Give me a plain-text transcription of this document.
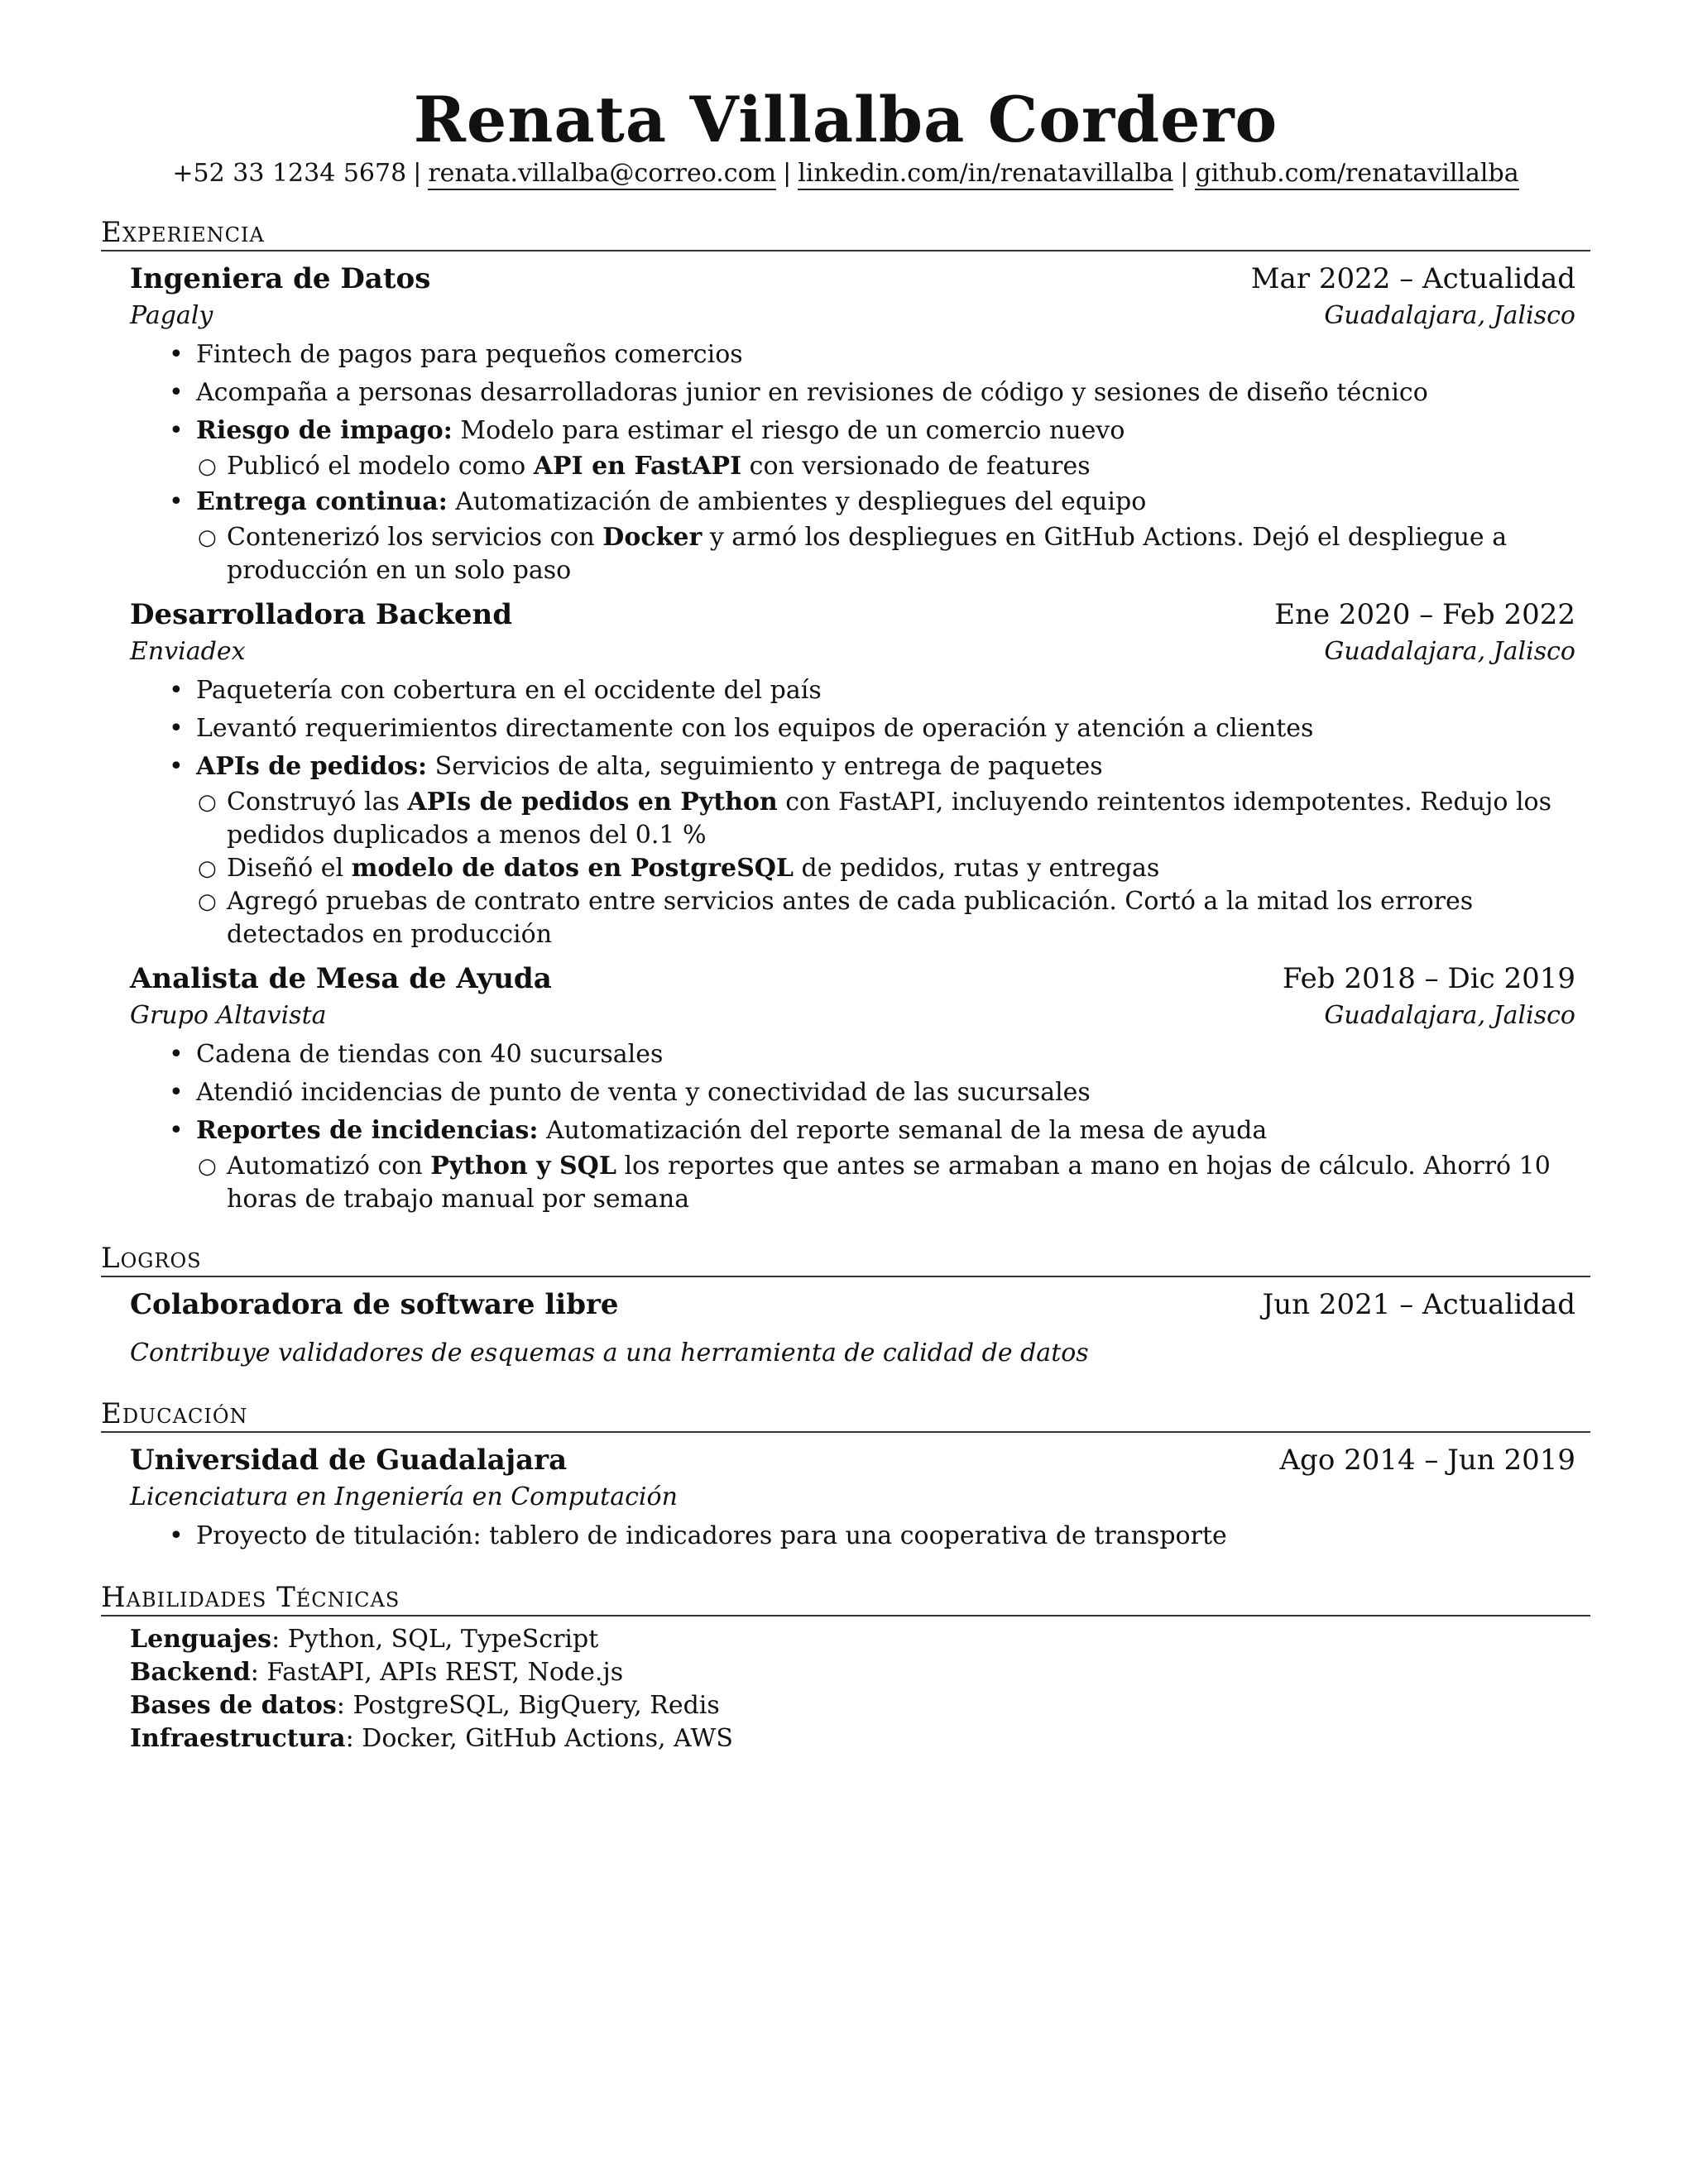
Renata Villalba Cordero
+52 33 1234 5678 | renata.villalba@correo.com | linkedin.com/in/renatavillalba | github.com/renatavillalba
Experiencia
Ingeniera de Datos	Mar 2022 – Actualidad
Pagaly	Guadalajara, Jalisco
• Fintech de pagos para pequeños comercios
• Acompaña a personas desarrolladoras junior en revisiones de código y sesiones de diseño técnico
• Riesgo de impago: Modelo para estimar el riesgo de un comercio nuevo
○ Publicó el modelo como API en FastAPI con versionado de features
• Entrega continua: Automatización de ambientes y despliegues del equipo
○ Contenerizó los servicios con Docker y armó los despliegues en GitHub Actions. Dejó el despliegue a producción en un solo paso
Desarrolladora Backend	Ene 2020 – Feb 2022
Enviadex	Guadalajara, Jalisco
• Paquetería con cobertura en el occidente del país
• Levantó requerimientos directamente con los equipos de operación y atención a clientes
• APIs de pedidos: Servicios de alta, seguimiento y entrega de paquetes
○ Construyó las APIs de pedidos en Python con FastAPI, incluyendo reintentos idempotentes. Redujo los pedidos duplicados a menos del 0.1 %
○ Diseñó el modelo de datos en PostgreSQL de pedidos, rutas y entregas
○ Agregó pruebas de contrato entre servicios antes de cada publicación. Cortó a la mitad los errores detectados en producción
Analista de Mesa de Ayuda	Feb 2018 – Dic 2019
Grupo Altavista	Guadalajara, Jalisco
• Cadena de tiendas con 40 sucursales
• Atendió incidencias de punto de venta y conectividad de las sucursales
• Reportes de incidencias: Automatización del reporte semanal de la mesa de ayuda
○ Automatizó con Python y SQL los reportes que antes se armaban a mano en hojas de cálculo. Ahorró 10 horas de trabajo manual por semana
Logros
Colaboradora de software libre	Jun 2021 – Actualidad
Contribuye validadores de esquemas a una herramienta de calidad de datos
Educación
Universidad de Guadalajara	Ago 2014 – Jun 2019
Licenciatura en Ingeniería en Computación
• Proyecto de titulación: tablero de indicadores para una cooperativa de transporte
Habilidades Técnicas
Lenguajes: Python, SQL, TypeScript
Backend: FastAPI, APIs REST, Node.js
Bases de datos: PostgreSQL, BigQuery, Redis
Infraestructura: Docker, GitHub Actions, AWS
